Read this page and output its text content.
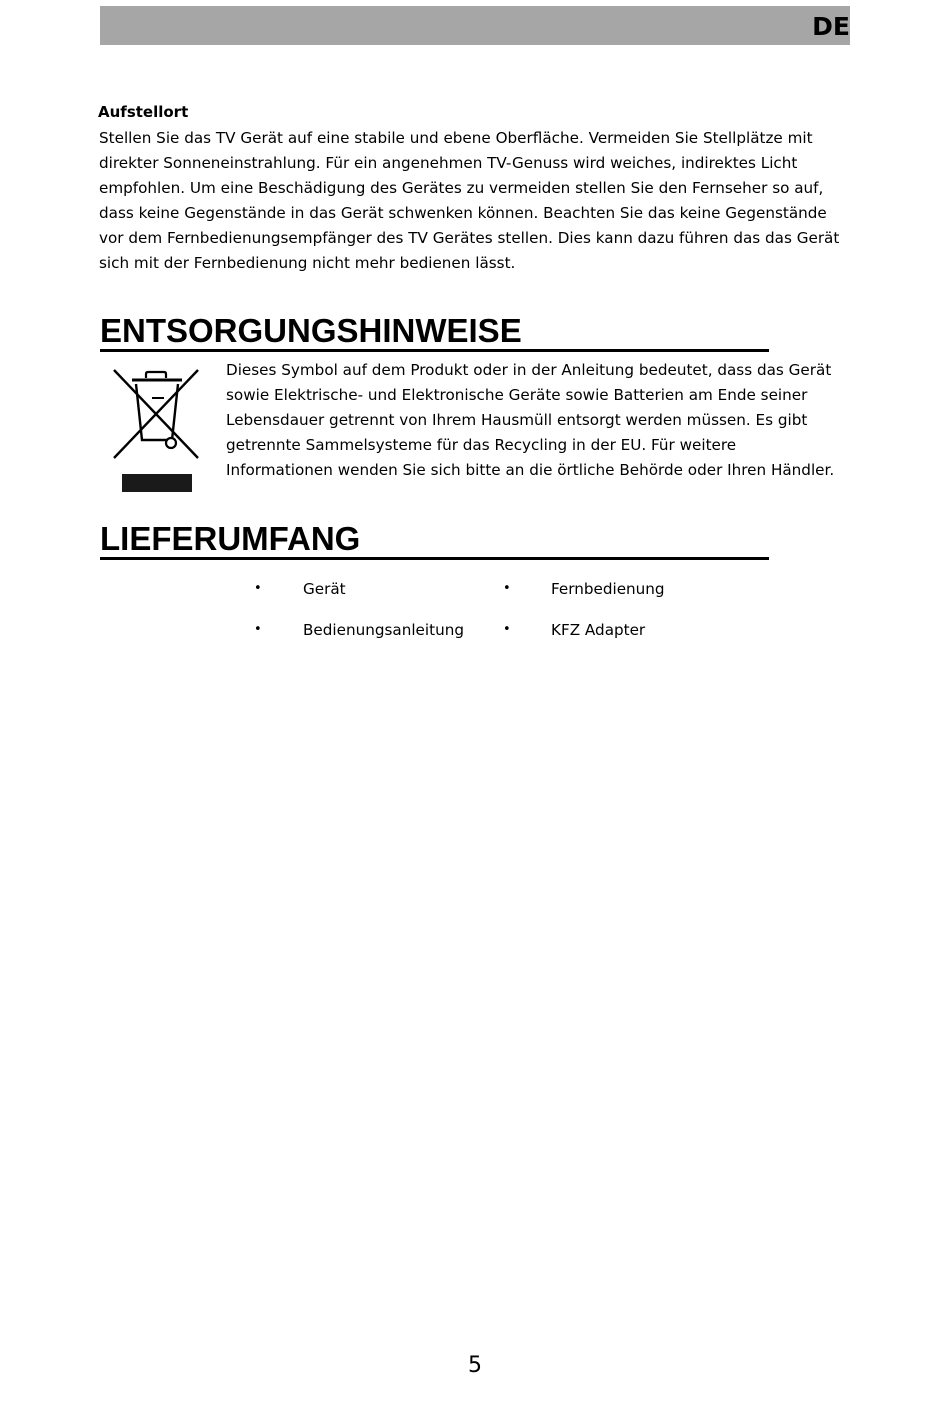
DE
Aufstellort

Stellen Sie das TV Gerät auf eine stabile und ebene Oberfläche. Vermeiden Sie Stellplätze mit
direkter Sonneneinstrahlung. Für ein angenehmen TV-Genuss wird weiches, indirektes Licht
empfohlen. Um eine Beschädigung des Gerätes zu vermeiden stellen Sie den Fernseher so auf,
dass keine Gegenstände in das Gerät schwenken können. Beachten Sie das keine Gegenstände
vor dem Fernbedienungsempfänger des TV Gerätes stellen. Dies kann dazu führen das das Gerät
sich mit der Fernbedienung nicht mehr bedienen lässt.

ENTSORGUNGSHINWEISE

Dieses Symbol auf dem Produkt oder in der Anleitung bedeutet, dass das Gerät
sowie Elektrische- und Elektronische Geräte sowie Batterien am Ende seiner
Lebensdauer getrennt von Ihrem Hausmüll entsorgt werden müssen. Es gibt
getrennte Sammelsysteme für das Recycling in der EU. Für weitere
Informationen wenden Sie sich bitte an die örtliche Behörde oder Ihren Händler.

LIEFERUMFANG
•	Gerät	•	Fernbedienung
•	Bedienungsanleitung	•	KFZ Adapter
5
